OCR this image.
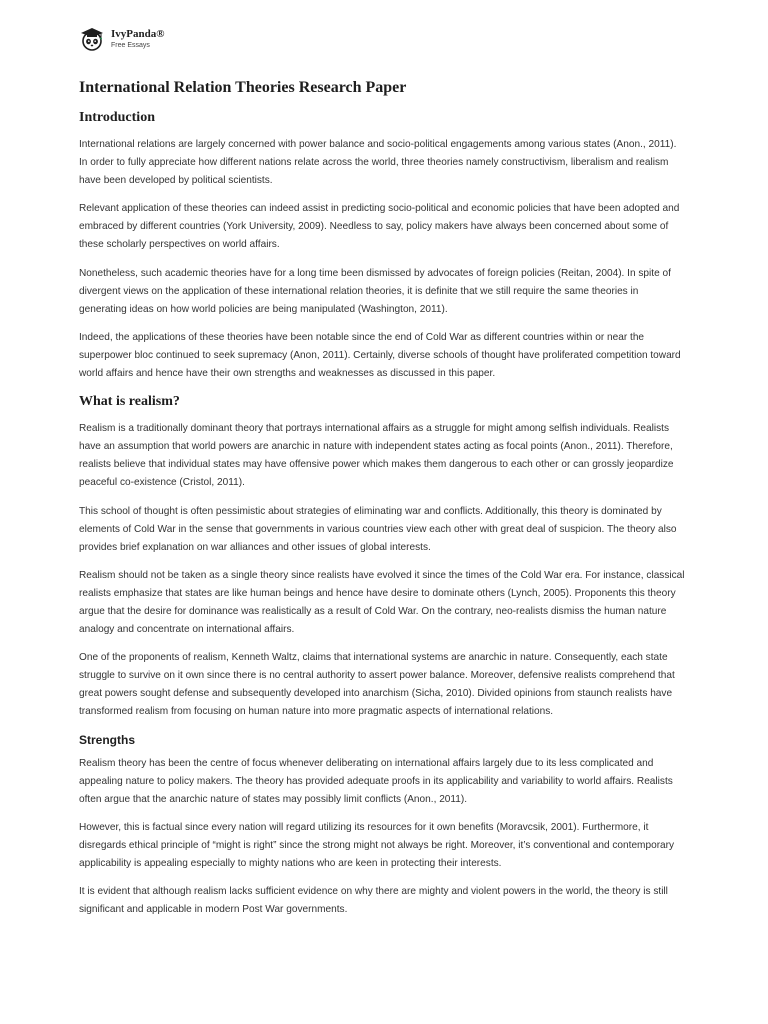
IvyPanda®
Free Essays
International Relation Theories Research Paper
Introduction

International relations are largely concerned with power balance and socio-political engagements among various states (Anon., 2011). In order to fully appreciate how different nations relate across the world, three theories namely constructivism, liberalism and realism have been developed by political scientists.

Relevant application of these theories can indeed assist in predicting socio-political and economic policies that have been adopted and embraced by different countries (York University, 2009). Needless to say, policy makers have always been concerned about some of these scholarly perspectives on world affairs.

Nonetheless, such academic theories have for a long time been dismissed by advocates of foreign policies (Reitan, 2004). In spite of divergent views on the application of these international relation theories, it is definite that we still require the same theories in generating ideas on how world policies are being manipulated (Washington, 2011).

Indeed, the applications of these theories have been notable since the end of Cold War as different countries within or near the superpower bloc continued to seek supremacy (Anon, 2011). Certainly, diverse schools of thought have proliferated competition toward world affairs and hence have their own strengths and weaknesses as discussed in this paper.

What is realism?

Realism is a traditionally dominant theory that portrays international affairs as a struggle for might among selfish individuals. Realists have an assumption that world powers are anarchic in nature with independent states acting as focal points (Anon., 2011). Therefore, realists believe that individual states may have offensive power which makes them dangerous to each other or can grossly jeopardize peaceful co-existence (Cristol, 2011).

This school of thought is often pessimistic about strategies of eliminating war and conflicts. Additionally, this theory is dominated by elements of Cold War in the sense that governments in various countries view each other with great deal of suspicion. The theory also provides brief explanation on war alliances and other issues of global interests.

Realism should not be taken as a single theory since realists have evolved it since the times of the Cold War era. For instance, classical realists emphasize that states are like human beings and hence have desire to dominate others (Lynch, 2005). Proponents this theory argue that the desire for dominance was realistically as a result of Cold War. On the contrary, neo-realists dismiss the human nature analogy and concentrate on international affairs.

One of the proponents of realism, Kenneth Waltz, claims that international systems are anarchic in nature. Consequently, each state struggle to survive on it own since there is no central authority to assert power balance. Moreover, defensive realists comprehend that great powers sought defense and subsequently developed into anarchism (Sicha, 2010). Divided opinions from staunch realists have transformed realism from focusing on human nature into more pragmatic aspects of international relations.

Strengths

Realism theory has been the centre of focus whenever deliberating on international affairs largely due to its less complicated and appealing nature to policy makers. The theory has provided adequate proofs in its applicability and variability to world affairs. Realists often argue that the anarchic nature of states may possibly limit conflicts (Anon., 2011).

However, this is factual since every nation will regard utilizing its resources for it own benefits (Moravcsik, 2001). Furthermore, it disregards ethical principle of “might is right” since the strong might not always be right. Moreover, it’s conventional and contemporary applicability is appealing especially to mighty nations who are keen in protecting their interests.

It is evident that although realism lacks sufficient evidence on why there are mighty and violent powers in the world, the theory is still significant and applicable in modern Post War governments.
